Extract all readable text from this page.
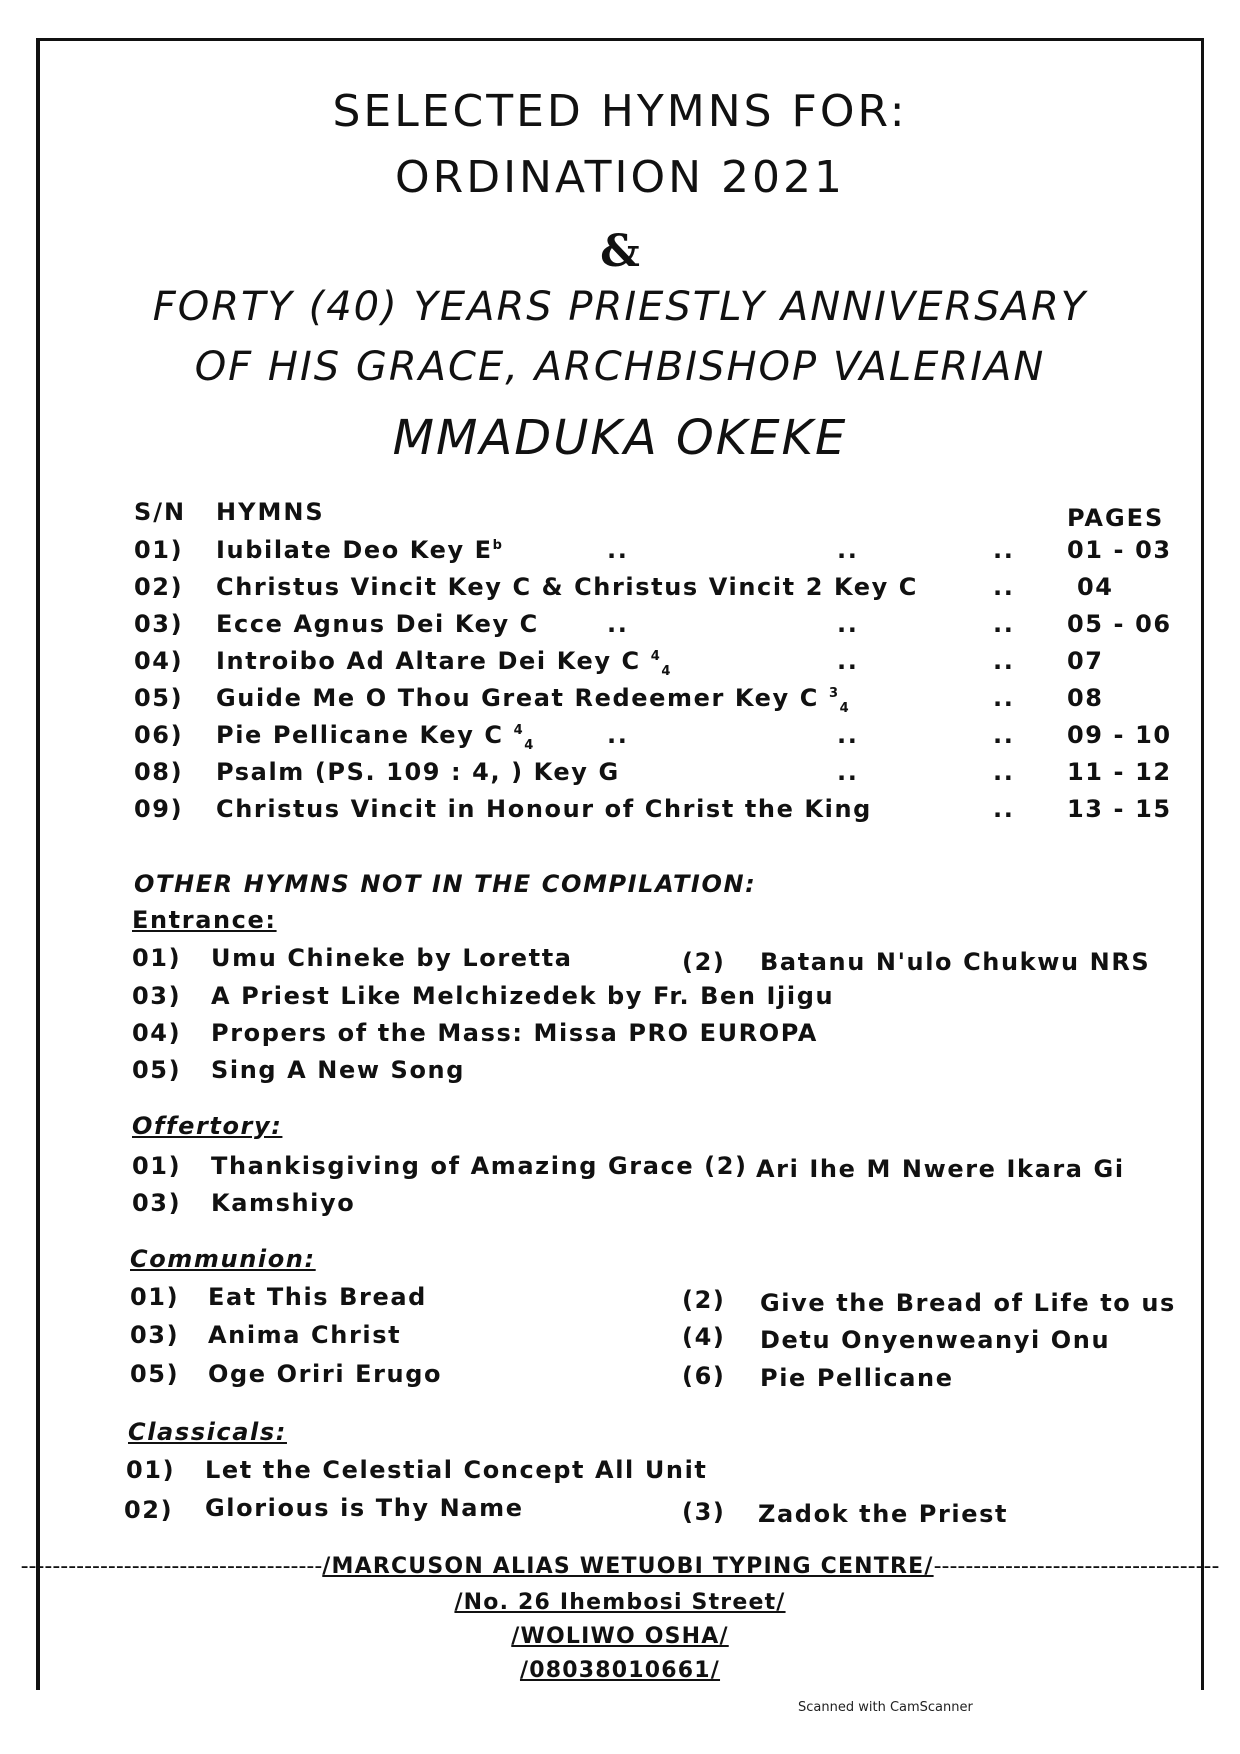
SELECTED HYMNS FOR:
ORDINATION 2021
&
FORTY (40) YEARS PRIESTLY ANNIVERSARY
OF HIS GRACE, ARCHBISHOP VALERIAN
MMADUKA OKEKE
S/N HYMNS	PAGES
01) Iubilate Deo Key $E^b$	..	..	.. 01 - 03
02) Christus Vincit Key C & Christus Vincit 2 Key C	..	04
03) Ecce Agnus Dei Key C	..	..	.. 05 - 06
04) Introibo Ad Altare Dei Key C $^4_4$	..	.. 07
05) Guide Me O Thou Great Redeemer Key C $^3_4$	.. 08
06) Pie Pellicane Key C $^4_4$	..	..	.. 09 - 10
08) Psalm (PS. 109 : 4, ) Key G	..	.. 11 - 12
09) Christus Vincit in Honour of Christ the King	.. 13 - 15
OTHER HYMNS NOT IN THE COMPILATION:
Entrance:
01) Umu Chineke by Loretta	(2) Batanu N'ulo Chukwu NRS
03) A Priest Like Melchizedek by Fr. Ben Ijigu
04) Propers of the Mass: Missa PRO EUROPA
05) Sing A New Song
Offertory:
01) Thankisgiving of Amazing Grace (2) Ari Ihe M Nwere Ikara Gi
03) Kamshiyo
Communion:
01) Eat This Bread	(2) Give the Bread of Life to us
03) Anima Christ	(4) Detu Onyenweanyi Onu
05) Oge Oriri Erugo	(6) Pie Pellicane
Classicals:
01) Let the Celestial Concept All Unit
02) Glorious is Thy Name	(3) Zadok the Priest
--------------------------------------/MARCUSON ALIAS WETUOBI TYPING CENTRE/------------------------------------
/No. 26 Ihembosi Street/
/WOLIWO OSHA/
/08038010661/
Scanned with CamScanner
